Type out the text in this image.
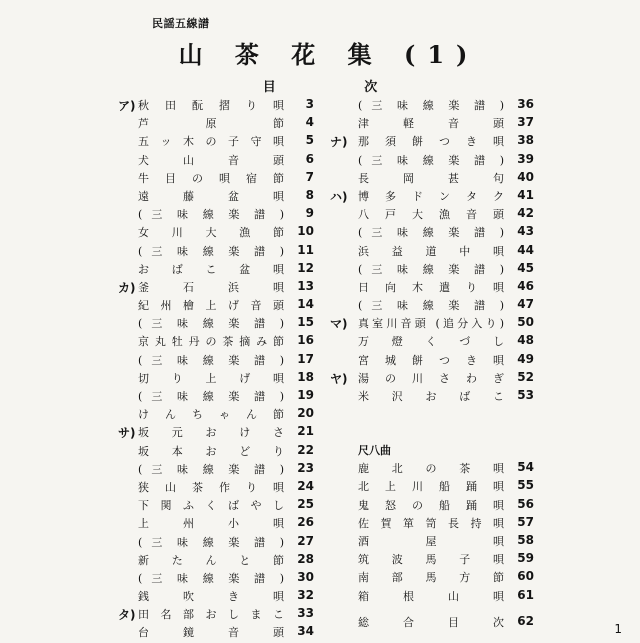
民謡五線譜
山 茶 花 集 (1)
目 次
ア) 秋 田 酛 摺 り 唄	3
芦 原 節	4
五 ッ 木 の 子 守 唄	5
犬 山 音 頭	6
牛 目 の 唄 宿 節	7
遠 藤 盆 唄	8
( 三 味 線 楽 譜 )	9
女 川 大 漁 節	10
( 三 味 線 楽 譜 )	11
お ば こ 盆 唄	12
カ) 釜 石 浜 唄	13
紀 州 檜 上 げ 音 頭	14
( 三 味 線 楽 譜 )	15
京 丸 牡 丹 の 茶 摘 み 節	16
( 三 味 線 楽 譜 )	17
切 り 上 げ 唄	18
( 三 味 線 楽 譜 )	19
け ん ち ゃ ん 節	20
サ) 坂 元 お け さ	21
坂 本 お ど り	22
( 三 味 線 楽 譜 )	23
狭 山 茶 作 り 唄	24
下 関 ふ く ば や し	25
上 州 小 唄	26
( 三 味 線 楽 譜 )	27
新 た ん と 節	28
( 三 味 線 楽 譜 )	30
銭 吹 き 唄	32
タ) 田 名 部 お し ま こ	33
台 鏡 音 頭	34
( 三 味 線 楽 譜 )	36
津 軽 音 頭	37
ナ) 那 須 餅 つ き 唄	38
( 三 味 線 楽 譜 )	39
長 岡 甚 句	40
ハ) 博 多 ド ン タ ク	41
八 戸 大 漁 音 頭	42
( 三 味 線 楽 譜 )	43
浜 益 道 中 唄	44
( 三 味 線 楽 譜 )	45
日 向 木 遣 り 唄	46
( 三 味 線 楽 譜 )	47
マ) 真室川音頭 (追分入り)	50
万 燈 く づ し	48
宮 城 餅 つ き 唄	49
ヤ) 湯 の 川 さ わ ぎ	52
米 沢 お ば こ	53
尺八曲
鹿 北 の 茶 唄	54
北 上 川 船 踊 唄	55
鬼 怒 の 船 踊 唄	56
佐 賀 箪 笥 長 持 唄	57
酒 屋 唄	58
筑 波 馬 子 唄	59
南 部 馬 方 節	60
箱 根 山 唄	61
総 合 目 次	62
1
